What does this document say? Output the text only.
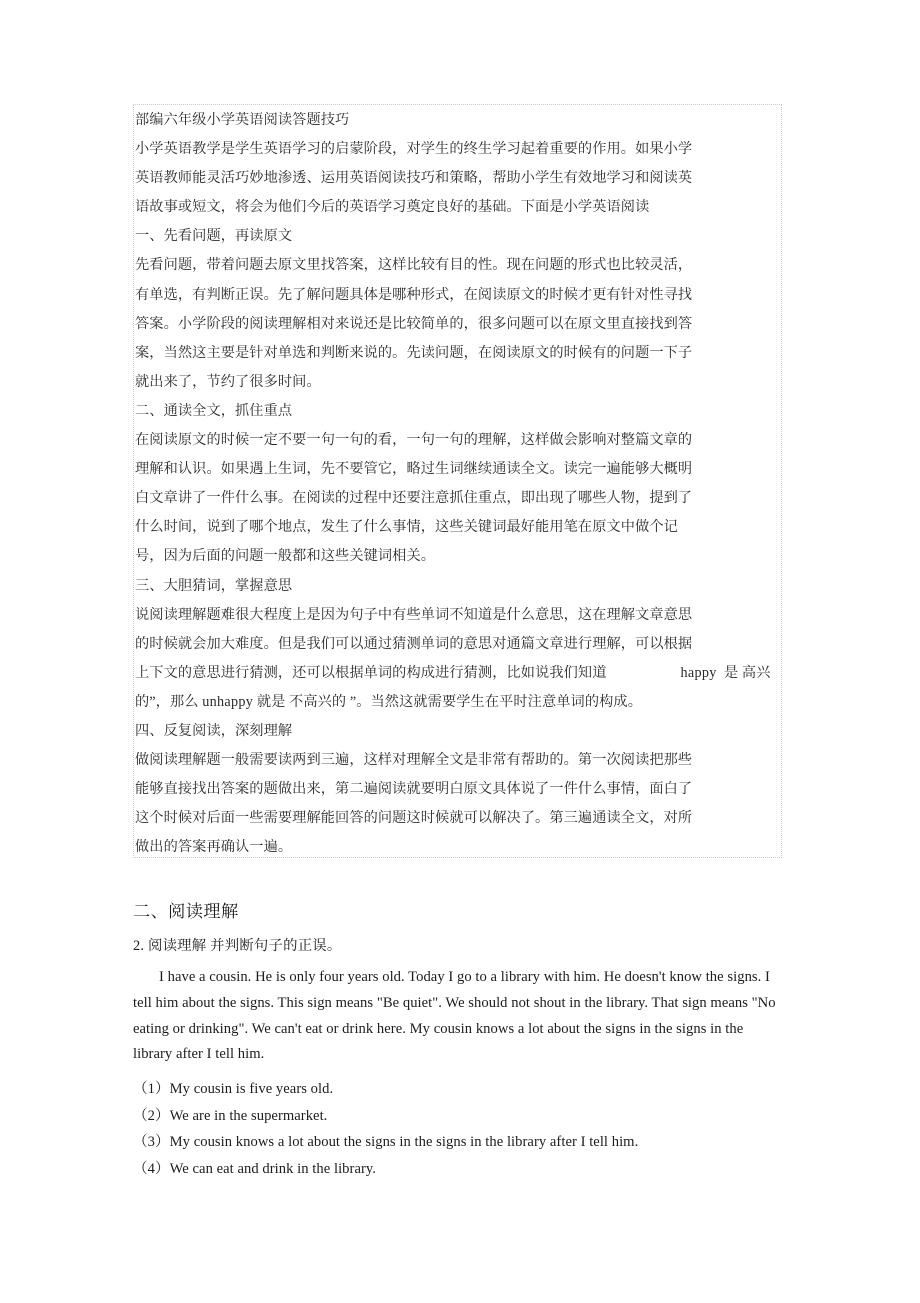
部编六年级小学英语阅读答题技巧
小学英语教学是学生英语学习的启蒙阶段，对学生的终生学习起着重要的作用。如果小学
英语教师能灵活巧妙地渗透、运用英语阅读技巧和策略，帮助小学生有效地学习和阅读英
语故事或短文，将会为他们今后的英语学习奠定良好的基础。下面是小学英语阅读
一、先看问题，再读原文
先看问题，带着问题去原文里找答案，这样比较有目的性。现在问题的形式也比较灵活，
有单选，有判断正误。先了解问题具体是哪种形式，在阅读原文的时候才更有针对性寻找
答案。小学阶段的阅读理解相对来说还是比较简单的，很多问题可以在原文里直接找到答
案，当然这主要是针对单选和判断来说的。先读问题，在阅读原文的时候有的问题一下子
就出来了，节约了很多时间。
二、通读全文，抓住重点
在阅读原文的时候一定不要一句一句的看，一句一句的理解，这样做会影响对整篇文章的
理解和认识。如果遇上生词，先不要管它，略过生词继续通读全文。读完一遍能够大概明
白文章讲了一件什么事。在阅读的过程中还要注意抓住重点，即出现了哪些人物，提到了
什么时间，说到了哪个地点，发生了什么事情，这些关键词最好能用笔在原文中做个记
号，因为后面的问题一般都和这些关键词相关。
三、大胆猜词，掌握意思
说阅读理解题难很大程度上是因为句子中有些单词不知道是什么意思，这在理解文章意思
的时候就会加大难度。但是我们可以通过猜测单词的意思对通篇文章进行理解，可以根据
上下文的意思进行猜测，还可以根据单词的构成进行猜测，比如说我们知道	happy 是 高兴
的”，那么 unhappy 就是 不高兴的 ”。当然这就需要学生在平时注意单词的构成。
四、反复阅读，深刻理解
做阅读理解题一般需要读两到三遍，这样对理解全文是非常有帮助的。第一次阅读把那些
能够直接找出答案的题做出来，第二遍阅读就要明白原文具体说了一件什么事情，面白了
这个时候对后面一些需要理解能回答的问题这时候就可以解决了。第三遍通读全文，对所
做出的答案再确认一遍。
二、阅读理解
2. 阅读理解 并判断句子的正误。

I have a cousin. He is only four years old. Today I go to a library with him. He doesn't know the signs. I tell him about the signs. This sign means "Be quiet". We should not shout in the library. That sign means "No eating or drinking". We can't eat or drink here. My cousin knows a lot about the signs in the signs in the library after I tell him.

（1）My cousin is five years old.
（2）We are in the supermarket.
（3）My cousin knows a lot about the signs in the signs in the library after I tell him.
（4）We can eat and drink in the library.
